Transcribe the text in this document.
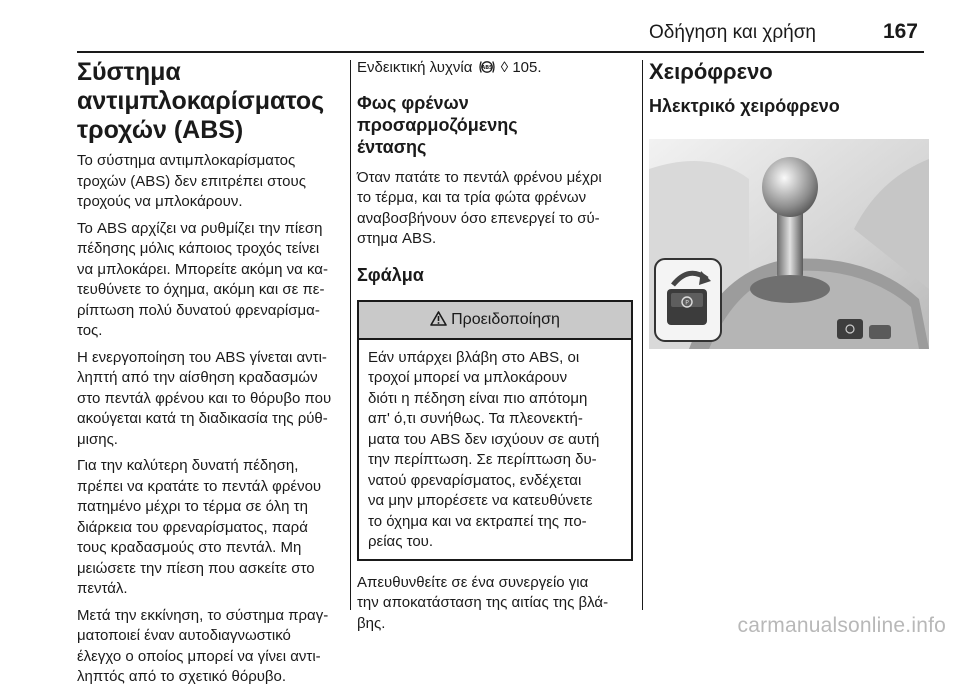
Οδήγηση και χρήση	167
Σύστημα
αντιμπλοκαρίσματος
τροχών (ABS)
Το σύστημα αντιμπλοκαρίσματος
τροχών (ABS) δεν επιτρέπει στους
τροχούς να μπλοκάρουν.
Το ABS αρχίζει να ρυθμίζει την πίεση
πέδησης μόλις κάποιος τροχός τείνει
να μπλοκάρει. Μπορείτε ακόμη να κα-
τευθύνετε το όχημα, ακόμη και σε πε-
ρίπτωση πολύ δυνατού φρεναρίσμα-
τος.
Η ενεργοποίηση του ABS γίνεται αντι-
ληπτή από την αίσθηση κραδασμών
στο πεντάλ φρένου και το θόρυβο που
ακούγεται κατά τη διαδικασία της ρύθ-
μισης.
Για την καλύτερη δυνατή πέδηση,
πρέπει να κρατάτε το πεντάλ φρένου
πατημένο μέχρι το τέρμα σε όλη τη
διάρκεια του φρεναρίσματος, παρά
τους κραδασμούς στο πεντάλ. Μη
μειώσετε την πίεση που ασκείτε στο
πεντάλ.
Μετά την εκκίνηση, το σύστημα πραγ-
ματοποιεί έναν αυτοδιαγνωστικό
έλεγχο ο οποίος μπορεί να γίνει αντι-
ληπτός από το σχετικό θόρυβο.
Ενδεικτική λυχνία ABS ◊ 105.
Φως φρένων προσαρμοζόμενης
έντασης
Όταν πατάτε το πεντάλ φρένου μέχρι
το τέρμα, και τα τρία φώτα φρένων
αναβοσβήνουν όσο επενεργεί το σύ-
στημα ABS.
Σφάλμα
Προειδοποίηση
Εάν υπάρχει βλάβη στο ABS, οι
τροχοί μπορεί να μπλοκάρουν
διότι η πέδηση είναι πιο απότομη
απ' ό,τι συνήθως. Τα πλεονεκτή-
ματα του ABS δεν ισχύουν σε αυτή
την περίπτωση. Σε περίπτωση δυ-
νατού φρεναρίσματος, ενδέχεται
να μην μπορέσετε να κατευθύνετε
το όχημα και να εκτραπεί της πο-
ρείας του.
Απευθυνθείτε σε ένα συνεργείο για
την αποκατάσταση της αιτίας της βλά-
βης.
Χειρόφρενο
Ηλεκτρικό χειρόφρενο
P
carmanualsonline.info
